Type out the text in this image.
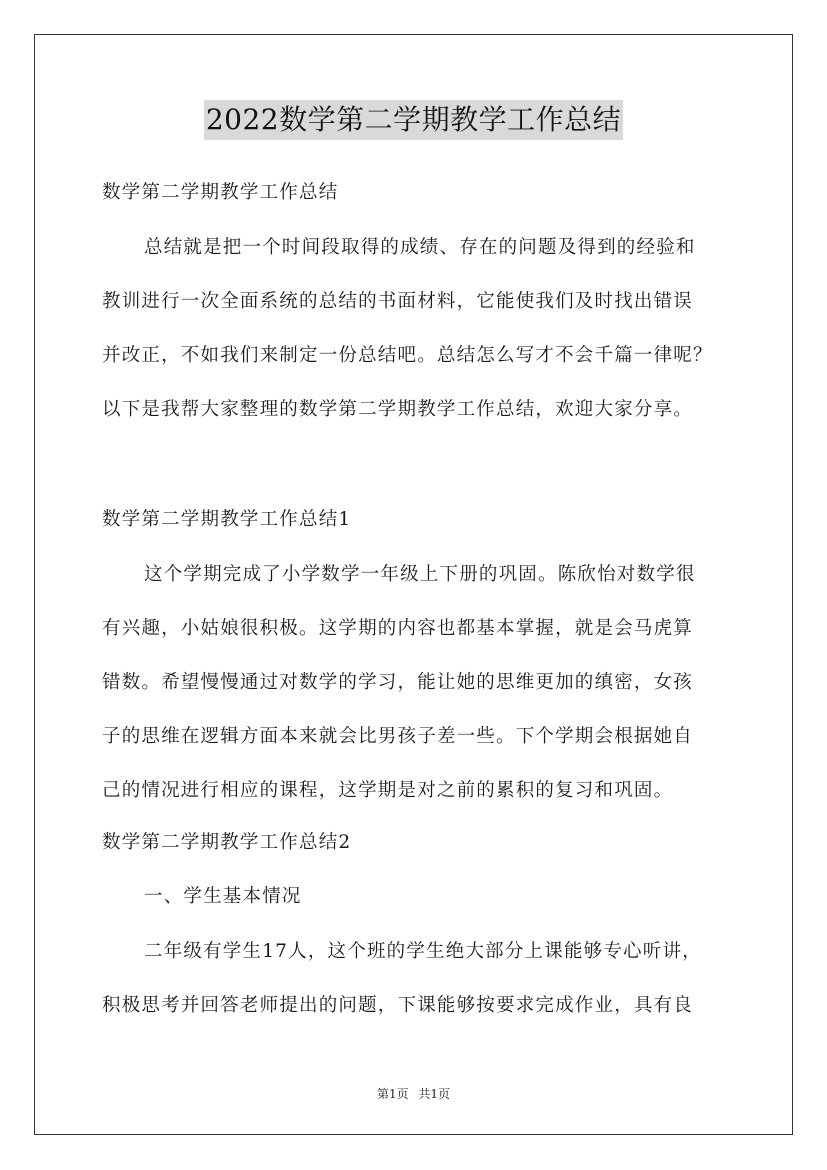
2022数学第二学期教学工作总结
数学第二学期教学工作总结
总结就是把一个时间段取得的成绩、存在的问题及得到的经验和
教训进行一次全面系统的总结的书面材料，它能使我们及时找出错误
并改正，不如我们来制定一份总结吧。总结怎么写才不会千篇一律呢？
以下是我帮大家整理的数学第二学期教学工作总结，欢迎大家分享。
数学第二学期教学工作总结1
这个学期完成了小学数学一年级上下册的巩固。陈欣怡对数学很
有兴趣，小姑娘很积极。这学期的内容也都基本掌握，就是会马虎算
错数。希望慢慢通过对数学的学习，能让她的思维更加的缜密，女孩
子的思维在逻辑方面本来就会比男孩子差一些。下个学期会根据她自
己的情况进行相应的课程，这学期是对之前的累积的复习和巩固。
数学第二学期教学工作总结2
一、学生基本情况
二年级有学生17人，这个班的学生绝大部分上课能够专心听讲，
积极思考并回答老师提出的问题，下课能够按要求完成作业，具有良
第1页 共1页
